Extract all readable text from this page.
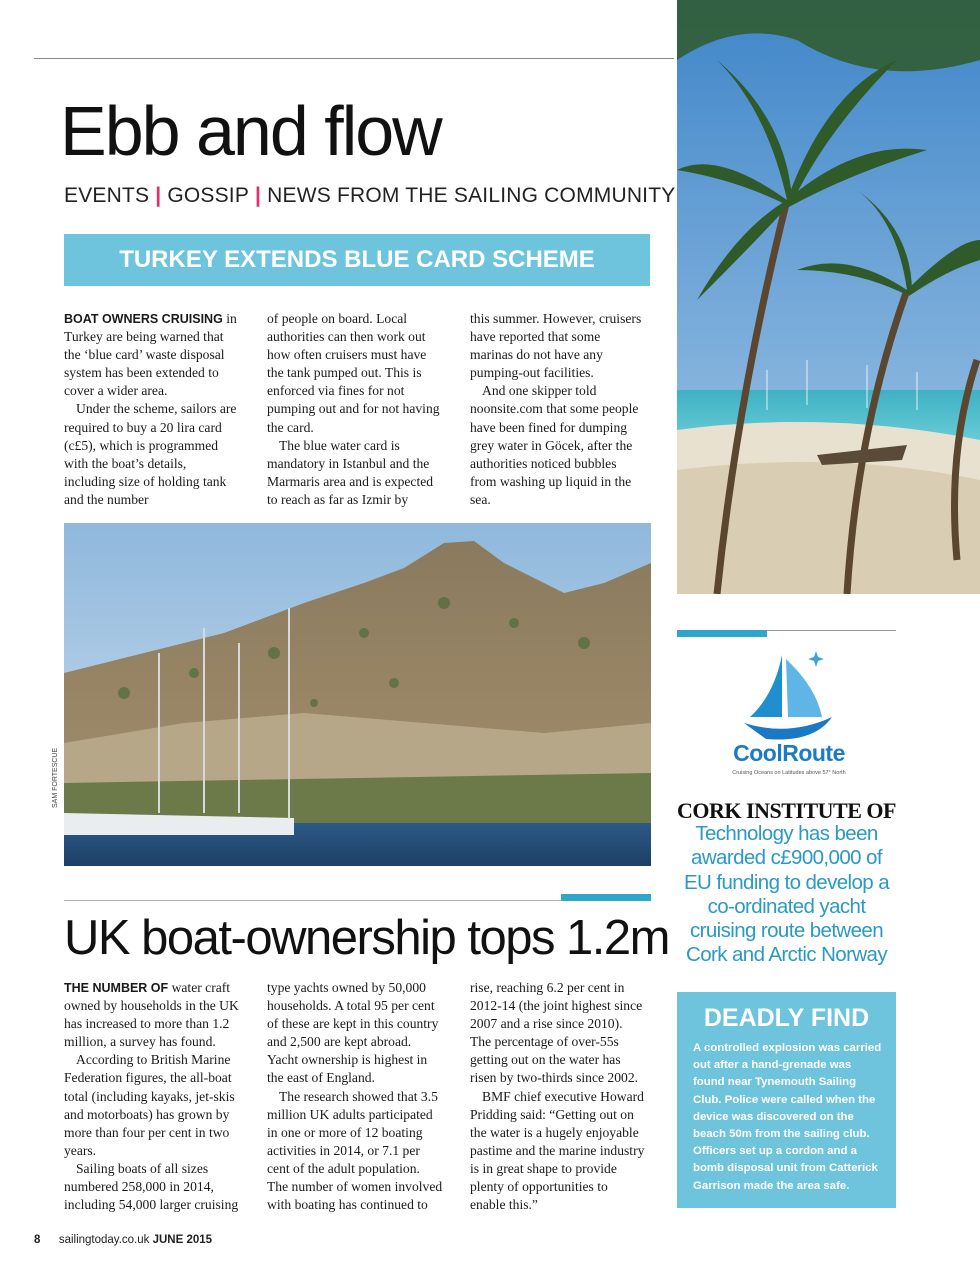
Ebb and flow
EVENTS | GOSSIP | NEWS FROM THE SAILING COMMUNITY
TURKEY EXTENDS BLUE CARD SCHEME

BOAT OWNERS CRUISING in Turkey are being warned that the ‘blue card’ waste disposal system has been extended to cover a wider area.

Under the scheme, sailors are required to buy a 20 lira card (c£5), which is programmed with the boat’s details, including size of holding tank and the number

of people on board. Local authorities can then work out how often cruisers must have the tank pumped out. This is enforced via fines for not pumping out and for not having the card.

The blue water card is mandatory in Istanbul and the Marmaris area and is expected to reach as far as Izmir by

this summer. However, cruisers have reported that some marinas do not have any pumping-out facilities.

And one skipper told noonsite.com that some people have been fined for dumping grey water in Göcek, after the authorities noticed bubbles from washing up liquid in the sea.

SAM FORTESCUE
UK boat-ownership tops 1.2m

THE NUMBER OF water craft owned by households in the UK has increased to more than 1.2 million, a survey has found.

According to British Marine Federation figures, the all-boat total (including kayaks, jet-skis and motorboats) has grown by more than four per cent in two years.

Sailing boats of all sizes numbered 258,000 in 2014, including 54,000 larger cruising

type yachts owned by 50,000 households. A total 95 per cent of these are kept in this country and 2,500 are kept abroad. Yacht ownership is highest in the east of England.

The research showed that 3.5 million UK adults participated in one or more of 12 boating activities in 2014, or 7.1 per cent of the adult population. The number of women involved with boating has continued to

rise, reaching 6.2 per cent in 2012-14 (the joint highest since 2007 and a rise since 2010). The percentage of over-55s getting out on the water has risen by two-thirds since 2002.

BMF chief executive Howard Pridding said: “Getting out on the water is a hugely enjoyable pastime and the marine industry is in great shape to provide plenty of opportunities to enable this.”

CoolRoute
Cruising Oceans on Latitudes above 57° North
CORK INSTITUTE OF
Technology has been awarded c£900,000 of EU funding to develop a co-ordinated yacht cruising route between Cork and Arctic Norway
DEADLY FIND
A controlled explosion was carried out after a hand-grenade was found near Tynemouth Sailing Club. Police were called when the device was discovered on the beach 50m from the sailing club. Officers set up a cordon and a bomb disposal unit from Catterick Garrison made the area safe.
8 sailingtoday.co.uk JUNE 2015
